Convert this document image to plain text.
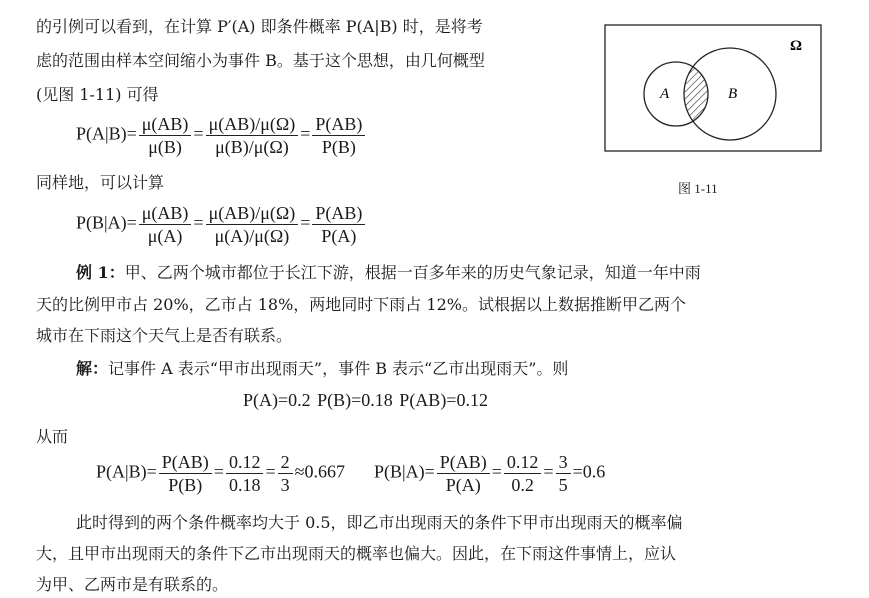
的引例可以看到，在计算 P′(A) 即条件概率 P(A|B) 时，是将考
虑的范围由样本空间缩小为事件 B。基于这个思想，由几何概型
(见图 1-11) 可得
$P(A|B)= \frac{\mu(AB)}{\mu(B)} = \frac{\mu(AB)/\mu(\Omega)}{\mu(B)/\mu(\Omega)} = \frac{P(AB)}{P(B)}$
同样地，可以计算
$P(B|A)= \frac{\mu(AB)}{\mu(A)} = \frac{\mu(AB)/\mu(\Omega)}{\mu(A)/\mu(\Omega)} = \frac{P(AB)}{P(A)}$
Ω
A	B
图 1-11
例 1：甲、乙两个城市都位于长江下游，根据一百多年来的历史气象记录，知道一年中雨
天的比例甲市占 20%，乙市占 18%，两地同时下雨占 12%。试根据以上数据推断甲乙两个
城市在下雨这个天气上是否有联系。
解：记事件 A 表示“甲市出现雨天”，事件 B 表示“乙市出现雨天”。则
P(A)=0.2 P(B)=0.18 P(AB)=0.12
从而
$P(A|B)= \frac{P(AB)}{P(B)} = \frac{0.12}{0.18} = \frac{2}{3} \approx 0.667$ $P(B|A)= \frac{P(AB)}{P(A)} = \frac{0.12}{0.2} = \frac{3}{5} =0.6$
此时得到的两个条件概率均大于 0.5，即乙市出现雨天的条件下甲市出现雨天的概率偏
大，且甲市出现雨天的条件下乙市出现雨天的概率也偏大。因此，在下雨这件事情上，应认
为甲、乙两市是有联系的。
